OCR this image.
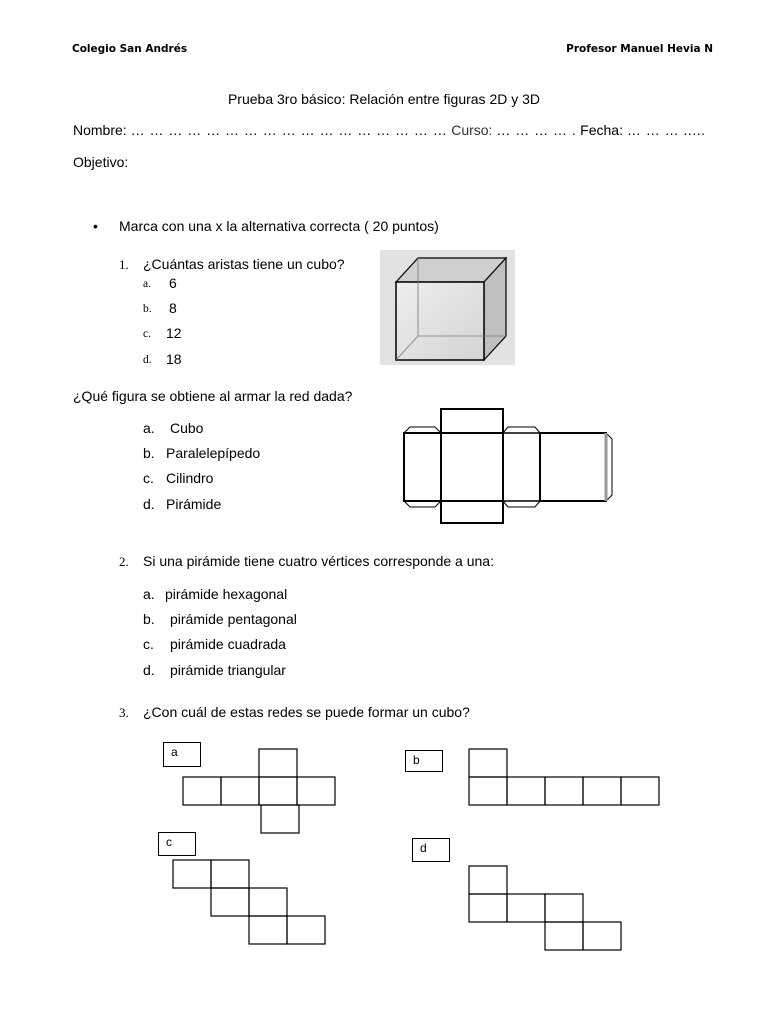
Colegio San Andrés	Profesor Manuel Hevia N
Prueba 3ro básico: Relación entre figuras 2D y 3D
Nombre: … … … … … … … … … … … … … … … … … Curso: … … … … . Fecha: … … … .....
Objetivo:
• Marca con una x la alternativa correcta ( 20 puntos)
1. ¿Cuántas aristas tiene un cubo?
a. 6
b. 8
c. 12
d. 18
¿Qué figura se obtiene al armar la red dada?
a. Cubo
b. Paralelepípedo
c. Cilindro
d. Pirámide
2. Si una pirámide tiene cuatro vértices corresponde a una:
a. pirámide hexagonal
b. pirámide pentagonal
c. pirámide cuadrada
d. pirámide triangular
3. ¿Con cuál de estas redes se puede formar un cubo?
a
b
c	d
